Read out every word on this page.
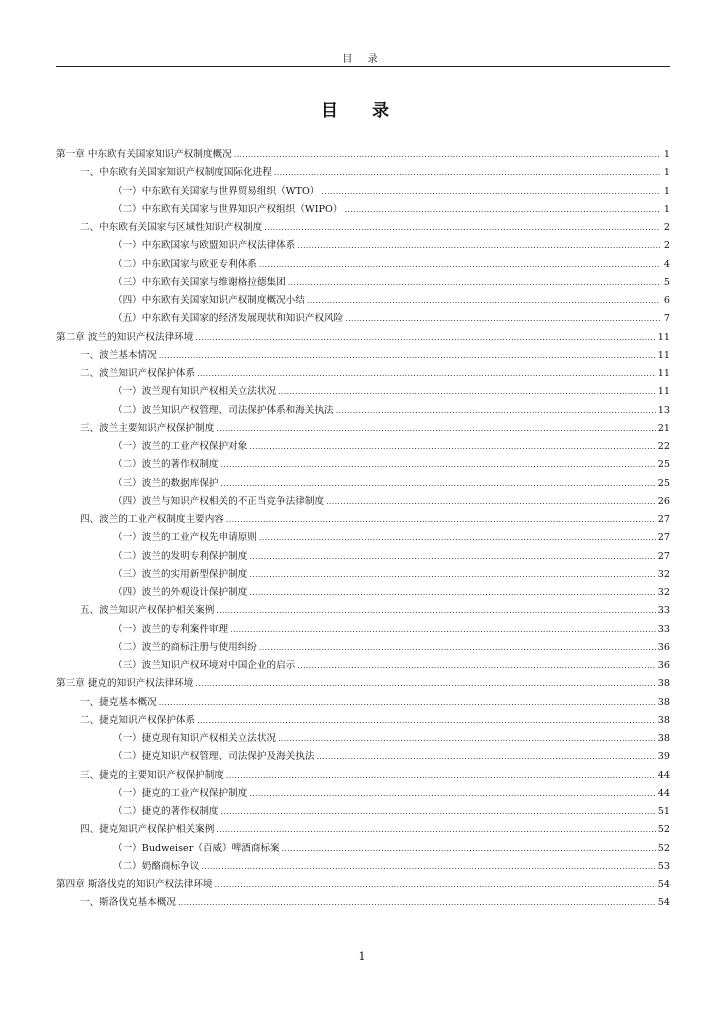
目 录
目 录
第一章 中东欧有关国家知识产权制度概况 .....	1
一、中东欧有关国家知识产权制度国际化进程 .....	1
（一）中东欧有关国家与世界贸易组织（WTO） .....	1
（二）中东欧有关国家与世界知识产权组织（WIPO） .....	1
二、中东欧有关国家与区域性知识产权制度 .....	2
（一）中东欧国家与欧盟知识产权法律体系 .....	2
（二）中东欧国家与欧亚专利体系 .....	4
（三）中东欧有关国家与维谢格拉德集团 .....	5
（四）中东欧有关国家知识产权制度概况小结 .....	6
（五）中东欧有关国家的经济发展现状和知识产权风险 .....	7
第二章 波兰的知识产权法律环境 .....	11
一、波兰基本情况 .....	11
二、波兰知识产权保护体系 .....	11
（一）波兰现有知识产权相关立法状况 .....	11
（二）波兰知识产权管理、司法保护体系和海关执法 .....	13
三、波兰主要知识产权保护制度 .....	21
（一）波兰的工业产权保护对象 .....	22
（二）波兰的著作权制度 .....	25
（三）波兰的数据库保护 .....	25
（四）波兰与知识产权相关的不正当竞争法律制度 .....	26
四、波兰的工业产权制度主要内容 .....	27
（一）波兰的工业产权先申请原则 .....	27
（二）波兰的发明专利保护制度 .....	27
（三）波兰的实用新型保护制度 .....	32
（四）波兰的外观设计保护制度 .....	32
五、波兰知识产权保护相关案例 .....	33
（一）波兰的专利案件审理 .....	33
（二）波兰的商标注册与使用纠纷 .....	36
（三）波兰知识产权环境对中国企业的启示 .....	36
第三章 捷克的知识产权法律环境 .....	38
一、捷克基本概况 .....	38
二、捷克知识产权保护体系 .....	38
（一）捷克现有知识产权相关立法状况 .....	38
（二）捷克知识产权管理、司法保护及海关执法 .....	39
三、捷克的主要知识产权保护制度 .....	44
（一）捷克的工业产权保护制度 .....	44
（二）捷克的著作权制度 .....	51
四、捷克知识产权保护相关案例 .....	52
（一）Budweiser（百威）啤酒商标案 .....	52
（二）奶酪商标争议 .....	53
第四章 斯洛伐克的知识产权法律环境 .....	54
一、斯洛伐克基本概况 .....	54
1
